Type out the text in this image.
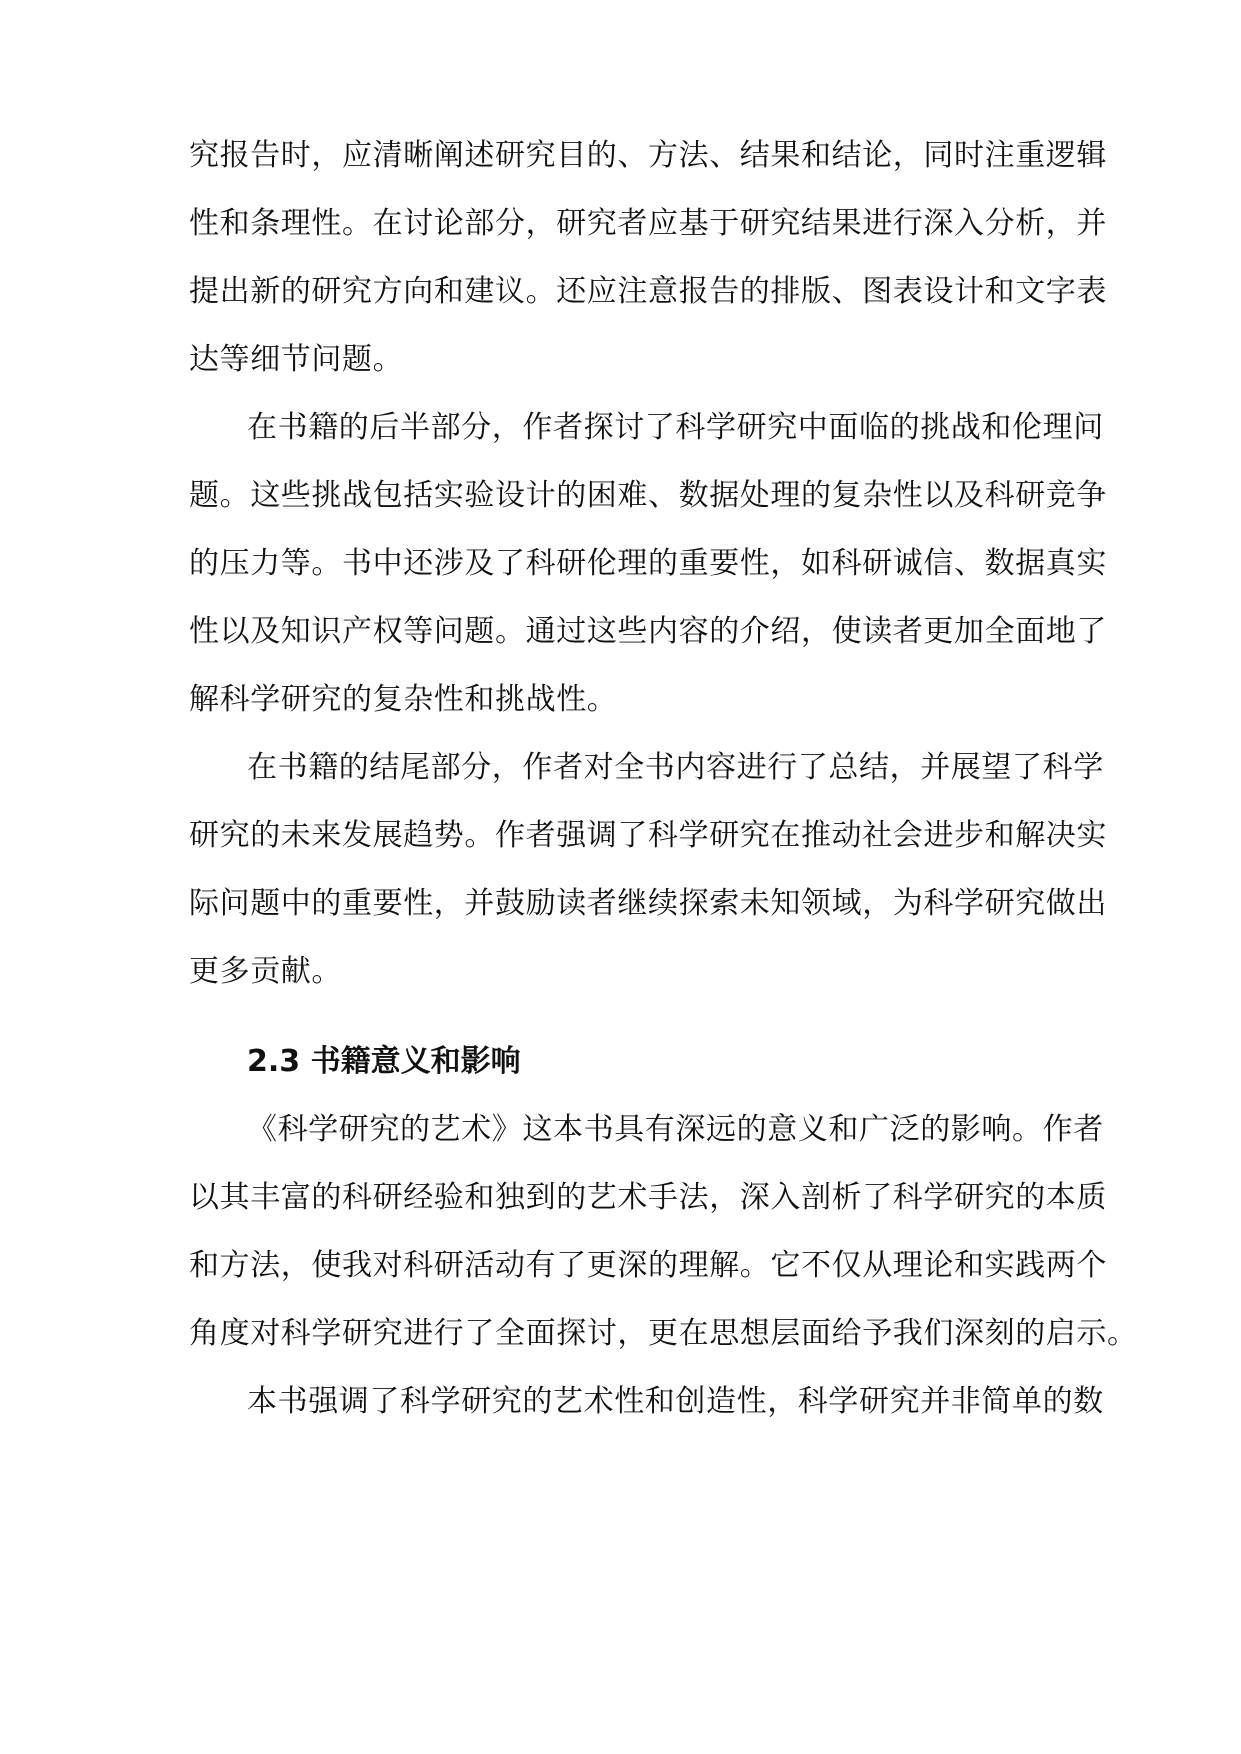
究报告时，应清晰阐述研究目的、方法、结果和结论，同时注重逻辑
性和条理性。在讨论部分，研究者应基于研究结果进行深入分析，并
提出新的研究方向和建议。还应注意报告的排版、图表设计和文字表
达等细节问题。
在书籍的后半部分，作者探讨了科学研究中面临的挑战和伦理问
题。这些挑战包括实验设计的困难、数据处理的复杂性以及科研竞争
的压力等。书中还涉及了科研伦理的重要性，如科研诚信、数据真实
性以及知识产权等问题。通过这些内容的介绍，使读者更加全面地了
解科学研究的复杂性和挑战性。
在书籍的结尾部分，作者对全书内容进行了总结，并展望了科学
研究的未来发展趋势。作者强调了科学研究在推动社会进步和解决实
际问题中的重要性，并鼓励读者继续探索未知领域，为科学研究做出
更多贡献。
2.3 书籍意义和影响
《科学研究的艺术》这本书具有深远的意义和广泛的影响。作者
以其丰富的科研经验和独到的艺术手法，深入剖析了科学研究的本质
和方法，使我对科研活动有了更深的理解。它不仅从理论和实践两个
角度对科学研究进行了全面探讨，更在思想层面给予我们深刻的启示。
本书强调了科学研究的艺术性和创造性，科学研究并非简单的数
